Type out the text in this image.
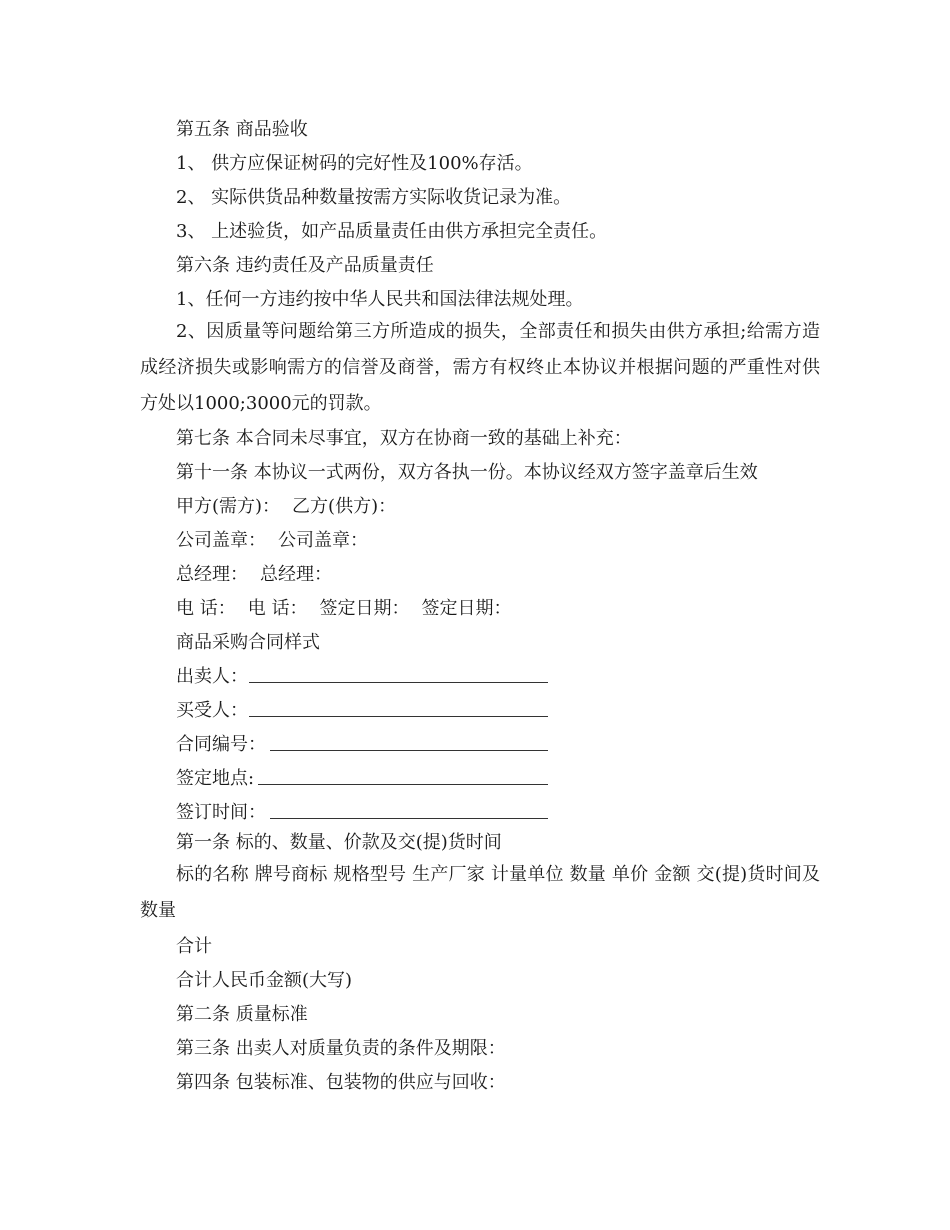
第五条 商品验收
1、 供方应保证树码的完好性及100%存活。
2、 实际供货品种数量按需方实际收货记录为准。
3、 上述验货，如产品质量责任由供方承担完全责任。
第六条 违约责任及产品质量责任
1、任何一方违约按中华人民共和国法律法规处理。
2、因质量等问题给第三方所造成的损失，全部责任和损失由供方承担;给需方造成经济损失或影响需方的信誉及商誉，需方有权终止本协议并根据问题的严重性对供方处以1000;3000元的罚款。
第七条 本合同未尽事宜，双方在协商一致的基础上补充：
第十一条 本协议一式两份，双方各执一份。本协议经双方签字盖章后生效
甲方(需方)： 乙方(供方)：
公司盖章： 公司盖章：
总经理： 总经理：
电 话： 电 话： 签定日期： 签定日期：
商品采购合同样式
出卖人：
买受人：
合同编号：
签定地点:
签订时间：
第一条 标的、数量、价款及交(提)货时间
标的名称 牌号商标 规格型号 生产厂家 计量单位 数量 单价 金额 交(提)货时间及数量
合计
合计人民币金额(大写)
第二条 质量标准
第三条 出卖人对质量负责的条件及期限：
第四条 包装标准、包装物的供应与回收：
